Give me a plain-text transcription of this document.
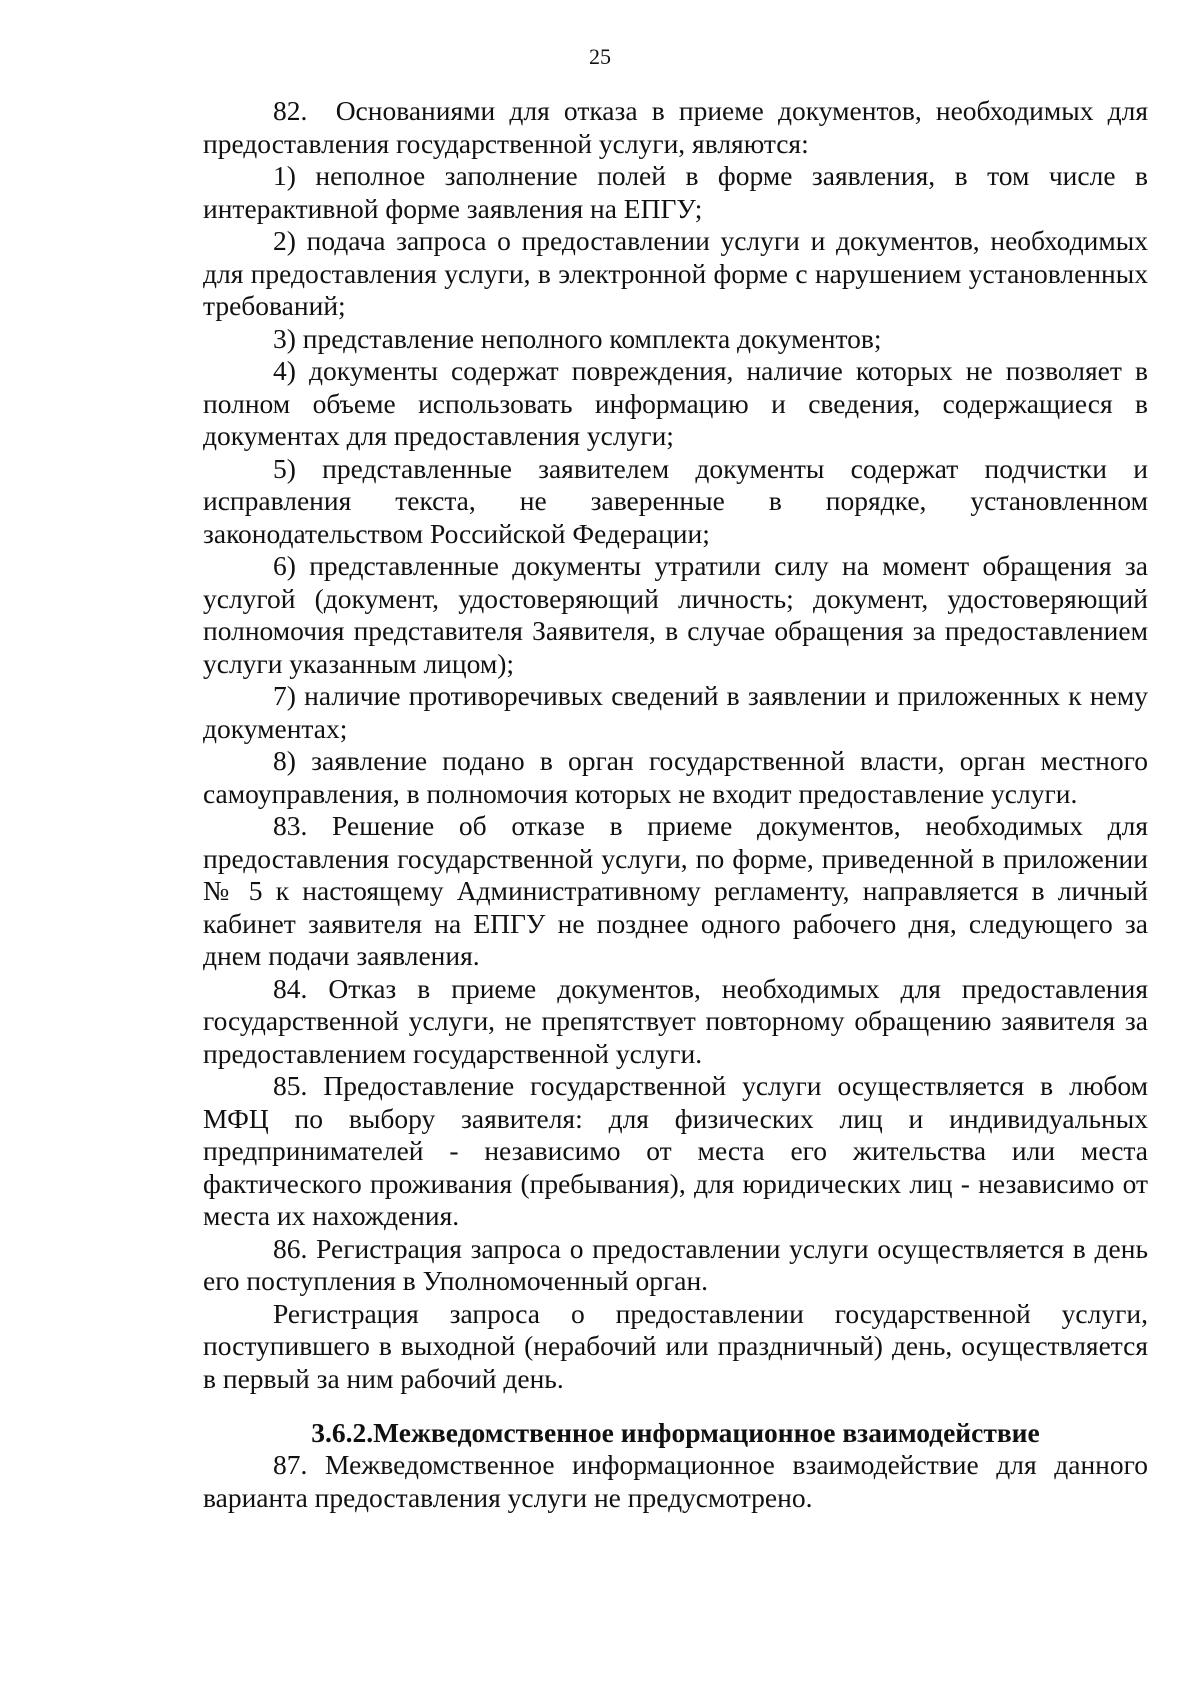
25

82.  Основаниями для отказа в приеме документов, необходимых для предоставления государственной услуги, являются:

1) неполное заполнение полей в форме заявления, в том числе в интерактивной форме заявления на ЕПГУ;

2) подача запроса о предоставлении услуги и документов, необходимых для предоставления услуги, в электронной форме с нарушением установленных требований;

3) представление неполного комплекта документов;

4) документы содержат повреждения, наличие которых не позволяет в полном объеме использовать информацию и сведения, содержащиеся в документах для предоставления услуги;

5) представленные заявителем документы содержат подчистки и исправления текста, не заверенные в порядке, установленном законодательством Российской Федерации;

6) представленные документы утратили силу на момент обращения за услугой (документ, удостоверяющий личность; документ, удостоверяющий полномочия представителя Заявителя, в случае обращения за предоставлением услуги указанным лицом);

7) наличие противоречивых сведений в заявлении и приложенных к нему документах;

8) заявление подано в орган государственной власти, орган местного самоуправления, в полномочия которых не входит предоставление услуги.

83. Решение об отказе в приеме документов, необходимых для предоставления государственной услуги, по форме, приведенной в приложении № 5 к настоящему Административному регламенту, направляется в личный кабинет заявителя на ЕПГУ не позднее одного рабочего дня, следующего за днем подачи заявления.

84. Отказ в приеме документов, необходимых для предоставления государственной услуги, не препятствует повторному обращению заявителя за предоставлением государственной услуги.

85. Предоставление государственной услуги осуществляется в любом МФЦ по выбору заявителя: для физических лиц и индивидуальных предпринимателей - независимо от места его жительства или места фактического проживания (пребывания), для юридических лиц - независимо от места их нахождения.

86. Регистрация запроса о предоставлении услуги осуществляется в день его поступления в Уполномоченный орган.

Регистрация запроса о предоставлении государственной услуги, поступившего в выходной (нерабочий или праздничный) день, осуществляется в первый за ним рабочий день.

3.6.2.Межведомственное информационное взаимодействие

87. Межведомственное информационное взаимодействие для данного варианта предоставления услуги не предусмотрено.
